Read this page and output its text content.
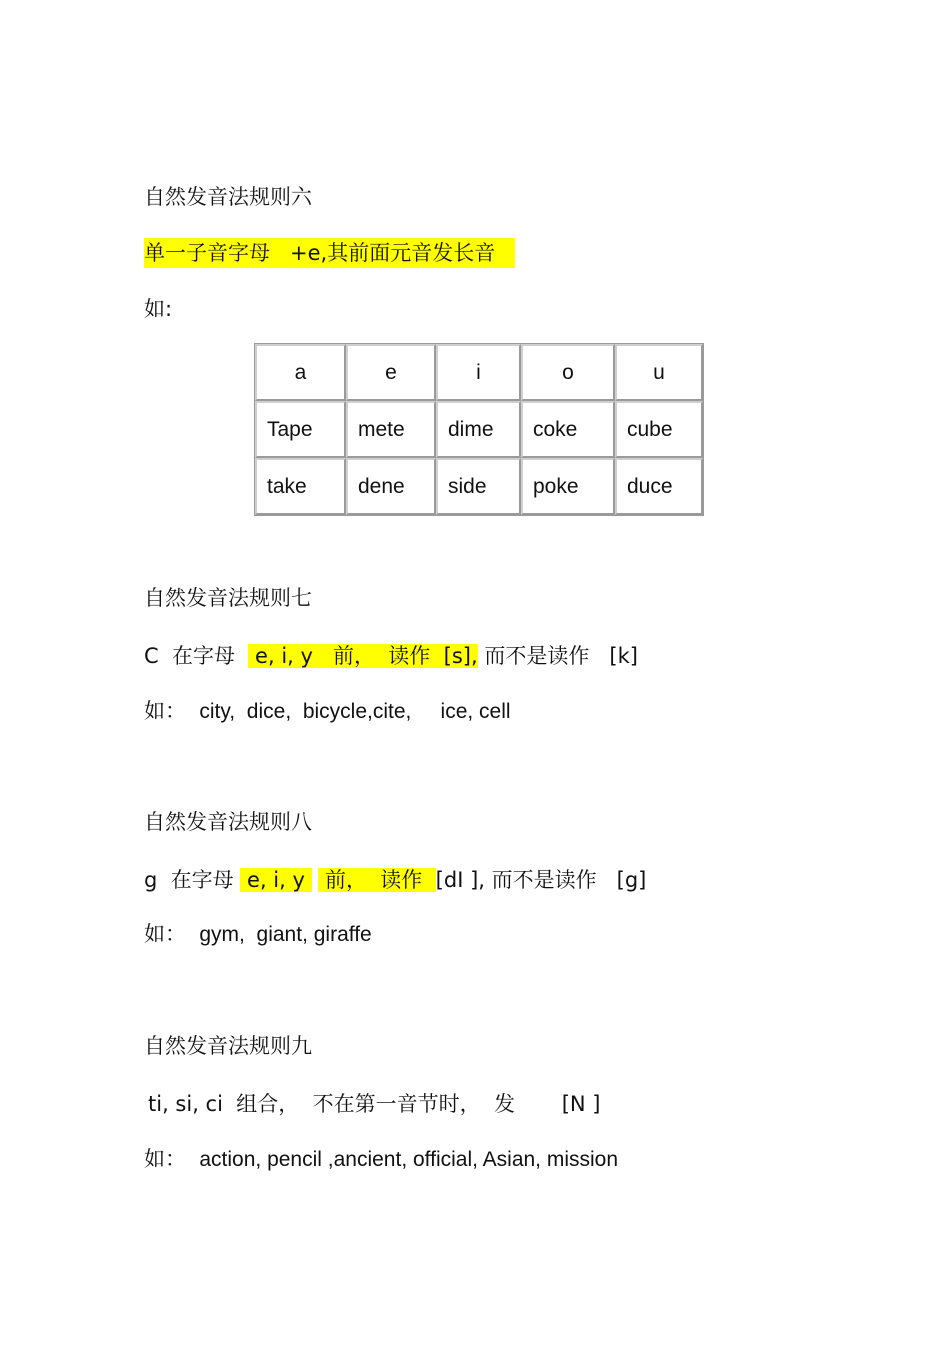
自然发音法规则六
单一子音字母   +e,其前面元音发长音
如:
a	e	i	o	u
Tape	mete	dime	coke	cube
take	dene	side	poke	duce
自然发音法规则七
C  在字母   e, i, y   前，  读作  [s], 而不是读作   [k]
如：  city,  dice,  bicycle,cite,     ice, cell
自然发音法规则八
g  在字母  e, i, y   前，  读作  [dI ], 而不是读作   [g]
如：  gym,  giant, giraffe
自然发音法规则九
ti, si, ci  组合，  不在第一音节时，  发       [N ]
如：  action, pencil ,ancient, official, Asian, mission
